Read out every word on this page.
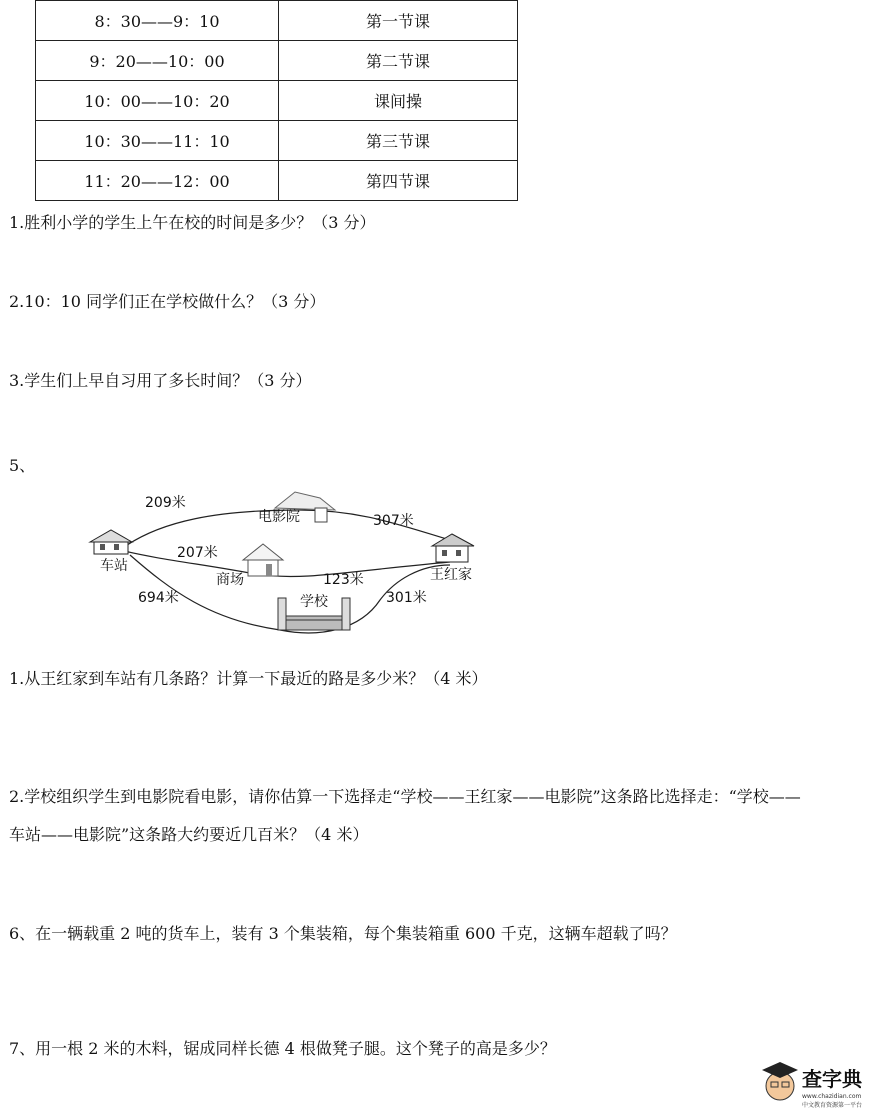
8：30——9：10	第一节课
9：20——10：00	第二节课
10：00——10：20	课间操
10：30——11：10	第三节课
11：20——12：00	第四节课
1.胜利小学的学生上午在校的时间是多少？（3 分）
2.10：10 同学们正在学校做什么？（3 分）
3.学生们上早自习用了多长时间？（3 分）
5、
车站
电影院
商场
学校
王红家
209米
307米
207米
123米
694米	301米
1.从王红家到车站有几条路？计算一下最近的路是多少米？（4 米）
2.学校组织学生到电影院看电影，请你估算一下选择走“学校——王红家——电影院”这条路比选择走：“学校——
车站——电影院”这条路大约要近几百米？（4 米）
6、在一辆载重 2 吨的货车上，装有 3 个集装箱，每个集装箱重 600 千克，这辆车超载了吗？
7、用一根 2 米的木料，锯成同样长德 4 根做凳子腿。这个凳子的高是多少？
查字典
www.chazidian.com
中文教育资源第一平台
